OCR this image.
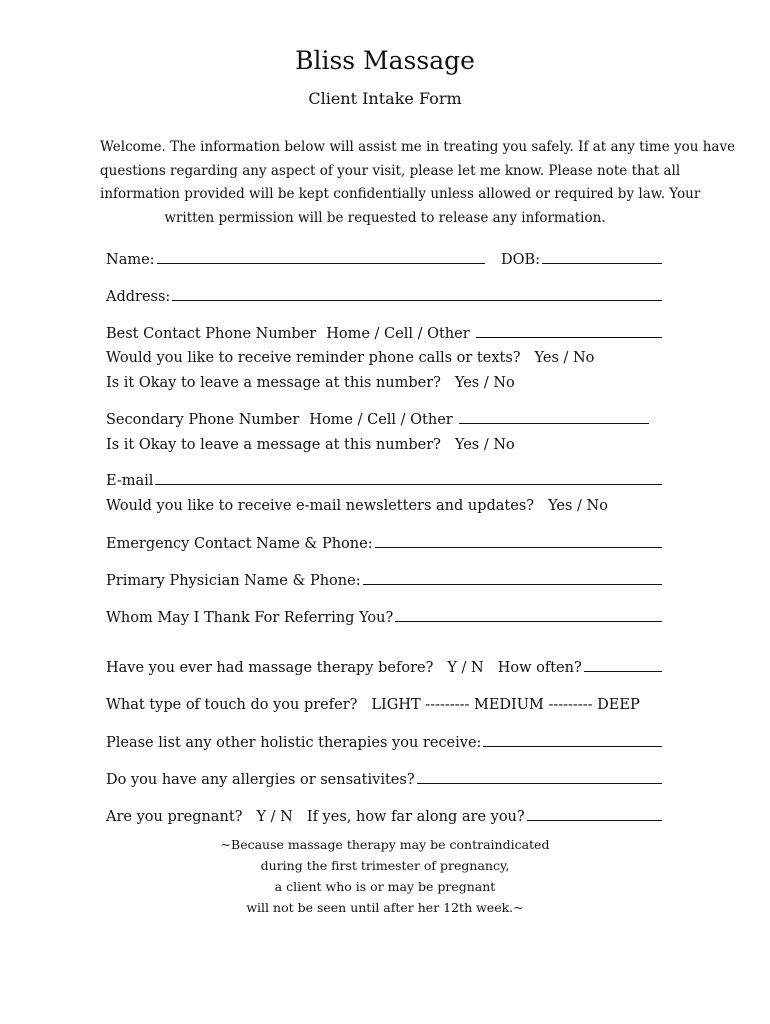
Bliss Massage
Client Intake Form
Welcome. The information below will assist me in treating you safely. If at any time you have
questions regarding any aspect of your visit, please let me know. Please note that all
information provided will be kept confidentially unless allowed or required by law. Your
written permission will be requested to release any information.
Name:	DOB:
Address:
Best Contact Phone Number Home / Cell / Other
Would you like to receive reminder phone calls or texts? Yes / No
Is it Okay to leave a message at this number? Yes / No
Secondary Phone Number Home / Cell / Other
Is it Okay to leave a message at this number? Yes / No
E-mail
Would you like to receive e-mail newsletters and updates? Yes / No
Emergency Contact Name & Phone:
Primary Physician Name & Phone:
Whom May I Thank For Referring You?
Have you ever had massage therapy before? Y / N How often?
What type of touch do you prefer? LIGHT --------- MEDIUM --------- DEEP
Please list any other holistic therapies you receive:
Do you have any allergies or sensativites?
Are you pregnant? Y / N If yes, how far along are you?
~Because massage therapy may be contraindicated
during the first trimester of pregnancy,
a client who is or may be pregnant
will not be seen until after her 12th week.~
